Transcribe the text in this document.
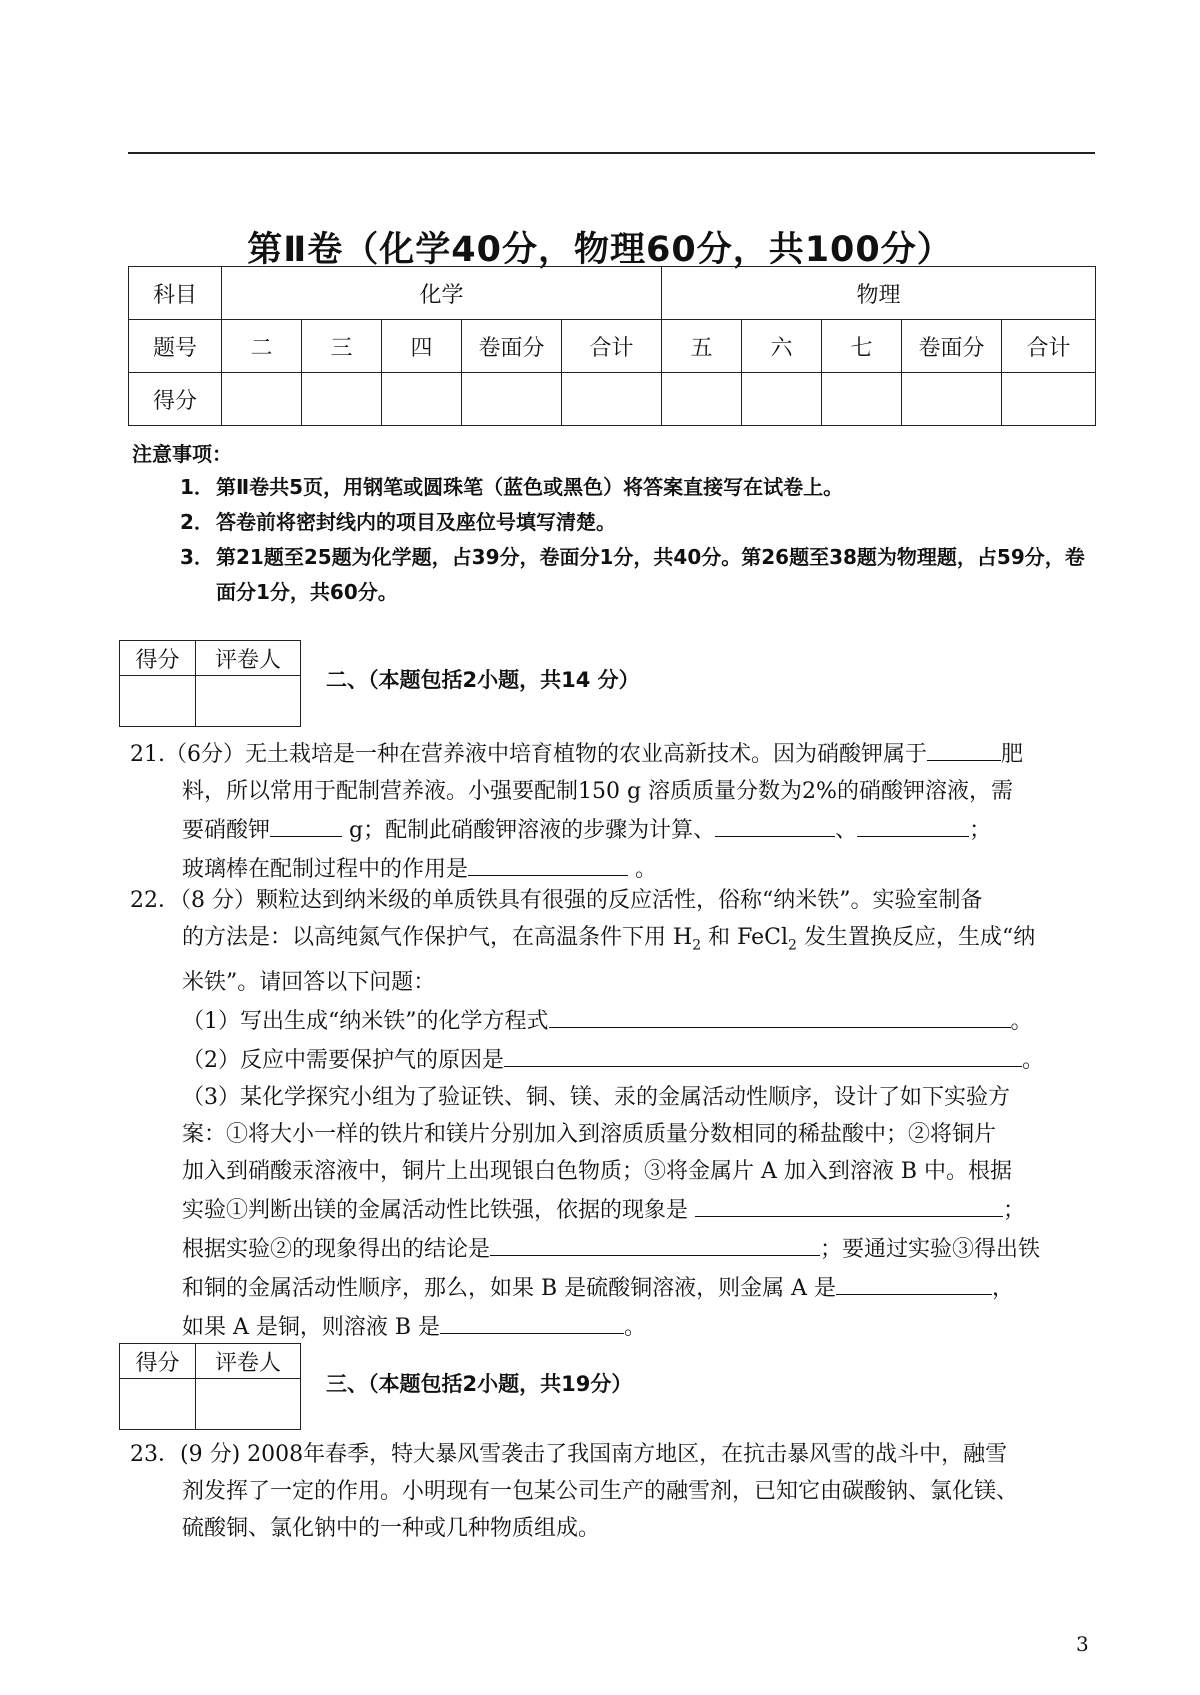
第Ⅱ卷（化学40分，物理60分，共100分）
科目	化学					物理				
题号	二	三	四	卷面分	合计	五	六	七	卷面分	合计
得分										
注意事项：
1． 第Ⅱ卷共5页，用钢笔或圆珠笔（蓝色或黑色）将答案直接写在试卷上。
2． 答卷前将密封线内的项目及座位号填写清楚。
3． 第21题至25题为化学题，占39分，卷面分1分，共40分。第26题至38题为物理题，占59分，卷面分1分，共60分。
得分	评卷人

二、（本题包括2小题，共14 分）
21.（6分）无土栽培是一种在营养液中培育植物的农业高新技术。因为硝酸钾属于	肥
料，所以常用于配制营养液。小强要配制150 g 溶质质量分数为2%的硝酸钾溶液，需
要硝酸钾	g；配制此硝酸钾溶液的步骤为计算、	、	；
玻璃棒在配制过程中的作用是	。
22．（8 分）颗粒达到纳米级的单质铁具有很强的反应活性，俗称“纳米铁”。实验室制备
的方法是：以高纯氮气作保护气，在高温条件下用 $H_2$ 和 FeCl$_2$ 发生置换反应，生成“纳
米铁”。请回答以下问题：
（1）写出生成“纳米铁”的化学方程式	。
（2）反应中需要保护气的原因是	。
（3）某化学探究小组为了验证铁、铜、镁、汞的金属活动性顺序，设计了如下实验方
案：①将大小一样的铁片和镁片分别加入到溶质质量分数相同的稀盐酸中；②将铜片
加入到硝酸汞溶液中，铜片上出现银白色物质；③将金属片 A 加入到溶液 B 中。根据
实验①判断出镁的金属活动性比铁强，依据的现象是	；
根据实验②的现象得出的结论是	；要通过实验③得出铁
和铜的金属活动性顺序，那么，如果 B 是硫酸铜溶液，则金属 A 是	，
如果 A 是铜，则溶液 B 是	。
得分	评卷人

三、（本题包括2小题，共19分）
23．(9 分) 2008年春季，特大暴风雪袭击了我国南方地区，在抗击暴风雪的战斗中，融雪
剂发挥了一定的作用。小明现有一包某公司生产的融雪剂，已知它由碳酸钠、氯化镁、
硫酸铜、氯化钠中的一种或几种物质组成。
3
